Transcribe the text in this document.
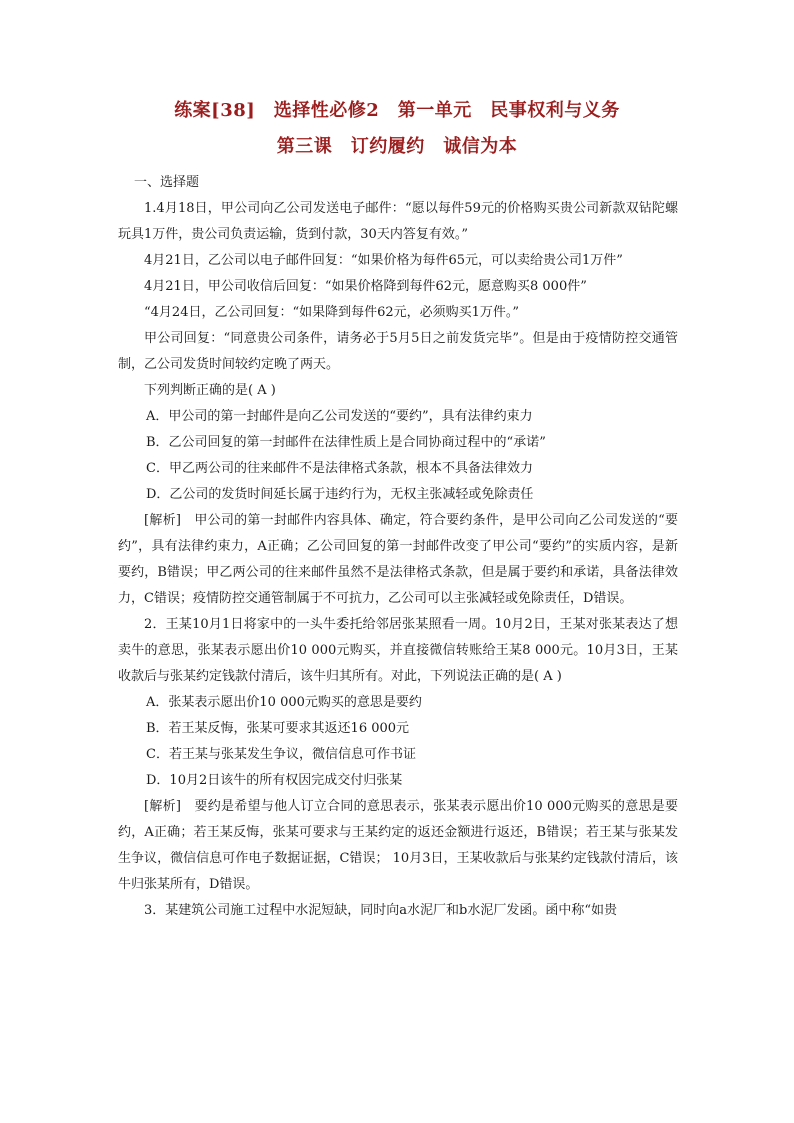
练案[38]　选择性必修2　第一单元　民事权利与义务
第三课　订约履约　诚信为本

一、选择题

1.4月18日，甲公司向乙公司发送电子邮件：“愿以每件59元的价格购买贵公司新款双钻陀螺玩具1万件，贵公司负责运输，货到付款，30天内答复有效。”

4月21日，乙公司以电子邮件回复：“如果价格为每件65元，可以卖给贵公司1万件”

4月21日，甲公司收信后回复：“如果价格降到每件62元，愿意购买8 000件”

“4月24日，乙公司回复：“如果降到每件62元，必须购买1万件。”

甲公司回复：“同意贵公司条件，请务必于5月5日之前发货完毕”。但是由于疫情防控交通管制，乙公司发货时间较约定晚了两天。

下列判断正确的是( A )

A．甲公司的第一封邮件是向乙公司发送的“要约”，具有法律约束力

B．乙公司回复的第一封邮件在法律性质上是合同协商过程中的“承诺”

C．甲乙两公司的往来邮件不是法律格式条款，根本不具备法律效力

D．乙公司的发货时间延长属于违约行为，无权主张减轻或免除责任

[解析]　甲公司的第一封邮件内容具体、确定，符合要约条件，是甲公司向乙公司发送的“要约”，具有法律约束力，A正确；乙公司回复的第一封邮件改变了甲公司“要约”的实质内容，是新要约，B错误；甲乙两公司的往来邮件虽然不是法律格式条款，但是属于要约和承诺，具备法律效力，C错误；疫情防控交通管制属于不可抗力，乙公司可以主张减轻或免除责任，D错误。

2．王某10月1日将家中的一头牛委托给邻居张某照看一周。10月2日，王某对张某表达了想卖牛的意思，张某表示愿出价10 000元购买，并直接微信转账给王某8 000元。10月3日，王某收款后与张某约定钱款付清后，该牛归其所有。对此，下列说法正确的是( A )

A．张某表示愿出价10 000元购买的意思是要约

B．若王某反悔，张某可要求其返还16 000元

C．若王某与张某发生争议，微信信息可作书证

D．10月2日该牛的所有权因完成交付归张某

[解析]　要约是希望与他人订立合同的意思表示，张某表示愿出价10 000元购买的意思是要约，A正确；若王某反悔，张某可要求与王某约定的返还金额进行返还，B错误；若王某与张某发生争议，微信信息可作电子数据证据，C错误； 10月3日，王某收款后与张某约定钱款付清后，该牛归张某所有，D错误。

3．某建筑公司施工过程中水泥短缺，同时向a水泥厂和b水泥厂发函。函中称“如贵
